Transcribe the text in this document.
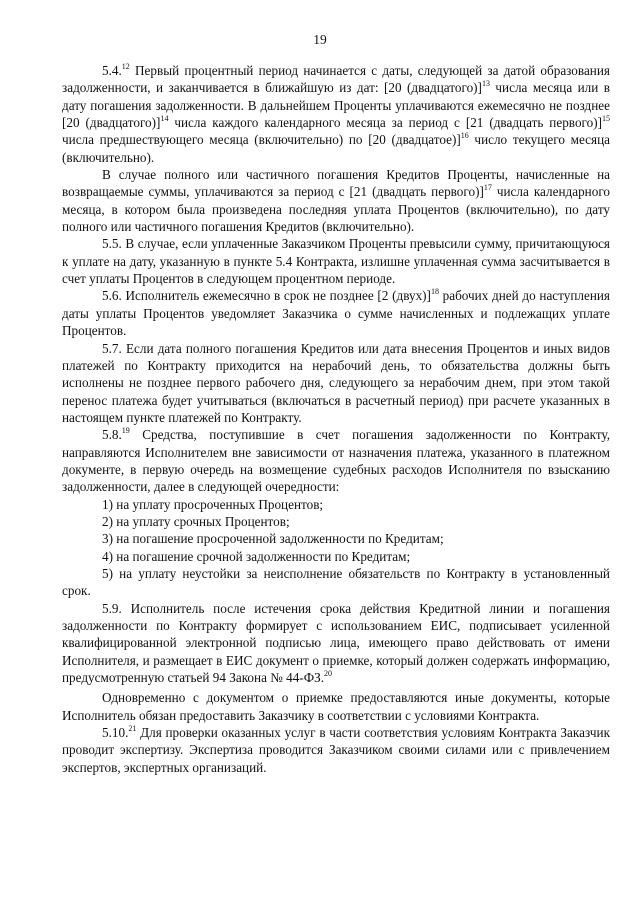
19

5.4.12 Первый процентный период начинается с даты, следующей за датой образования задолженности, и заканчивается в ближайшую из дат: [20 (двадцатого)]$^{13}$ числа месяца или в дату погашения задолженности. В дальнейшем Проценты уплачиваются ежемесячно не позднее [20 (двадцатого)]$^{14}$ числа каждого календарного месяца за период с [21 (двадцать первого)]$^{15}$ числа предшествующего месяца (включительно) по [20 (двадцатое)]$^{16}$ число текущего месяца (включительно).

В случае полного или частичного погашения Кредитов Проценты, начисленные на возвращаемые суммы, уплачиваются за период с [21 (двадцать первого)]$^{17}$ числа календарного месяца, в котором была произведена последняя уплата Процентов (включительно), по дату полного или частичного погашения Кредитов (включительно).

5.5. В случае, если уплаченные Заказчиком Проценты превысили сумму, причитающуюся к уплате на дату, указанную в пункте 5.4 Контракта, излишне уплаченная сумма засчитывается в счет уплаты Процентов в следующем процентном периоде.

5.6. Исполнитель ежемесячно в срок не позднее [2 (двух)]$^{18}$ рабочих дней до наступления даты уплаты Процентов уведомляет Заказчика о сумме начисленных и подлежащих уплате Процентов.

5.7. Если дата полного погашения Кредитов или дата внесения Процентов и иных видов платежей по Контракту приходится на нерабочий день, то обязательства должны быть исполнены не позднее первого рабочего дня, следующего за нерабочим днем, при этом такой перенос платежа будет учитываться (включаться в расчетный период) при расчете указанных в настоящем пункте платежей по Контракту.

5.8.19 Средства, поступившие в счет погашения задолженности по Контракту, направляются Исполнителем вне зависимости от назначения платежа, указанного в платежном документе, в первую очередь на возмещение судебных расходов Исполнителя по взысканию задолженности, далее в следующей очередности:

1) на уплату просроченных Процентов;

2) на уплату срочных Процентов;

3) на погашение просроченной задолженности по Кредитам;

4) на погашение срочной задолженности по Кредитам;

5) на уплату неустойки за неисполнение обязательств по Контракту в установленный срок.

5.9. Исполнитель после истечения срока действия Кредитной линии и погашения задолженности по Контракту формирует с использованием ЕИС, подписывает усиленной квалифицированной электронной подписью лица, имеющего право действовать от имени Исполнителя, и размещает в ЕИС документ о приемке, который должен содержать информацию, предусмотренную статьей 94 Закона № 44-ФЗ.$^{20}$

Одновременно с документом о приемке предоставляются иные документы, которые Исполнитель обязан предоставить Заказчику в соответствии с условиями Контракта.

5.10.21 Для проверки оказанных услуг в части соответствия условиям Контракта Заказчик проводит экспертизу. Экспертиза проводится Заказчиком своими силами или с привлечением экспертов, экспертных организаций.
